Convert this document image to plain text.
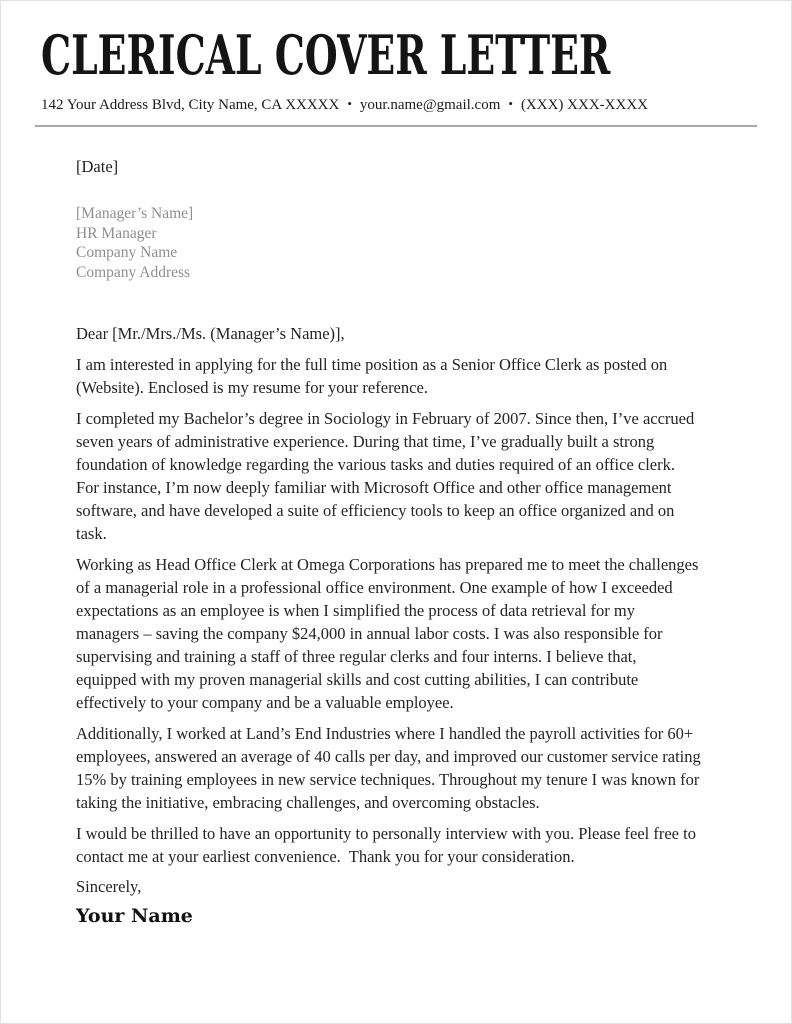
CLERICAL COVER LETTER
142 Your Address Blvd, City Name, CA XXXXX • your.name@gmail.com • (XXX) XXX-XXXX
[Date]
[Manager’s Name]
HR Manager
Company Name
Company Address
Dear [Mr./Mrs./Ms. (Manager’s Name)],

I am interested in applying for the full time position as a Senior Office Clerk as posted on (Website). Enclosed is my resume for your reference.

I completed my Bachelor’s degree in Sociology in February of 2007. Since then, I’ve accrued seven years of administrative experience. During that time, I’ve gradually built a strong foundation of knowledge regarding the various tasks and duties required of an office clerk. For instance, I’m now deeply familiar with Microsoft Office and other office management software, and have developed a suite of efficiency tools to keep an office organized and on task.

Working as Head Office Clerk at Omega Corporations has prepared me to meet the challenges of a managerial role in a professional office environment. One example of how I exceeded expectations as an employee is when I simplified the process of data retrieval for my managers – saving the company $24,000 in annual labor costs. I was also responsible for supervising and training a staff of three regular clerks and four interns. I believe that, equipped with my proven managerial skills and cost cutting abilities, I can contribute effectively to your company and be a valuable employee.

Additionally, I worked at Land’s End Industries where I handled the payroll activities for 60+ employees, answered an average of 40 calls per day, and improved our customer service rating 15% by training employees in new service techniques. Throughout my tenure I was known for taking the initiative, embracing challenges, and overcoming obstacles.

I would be thrilled to have an opportunity to personally interview with you. Please feel free to contact me at your earliest convenience.  Thank you for your consideration.

Sincerely,
Your Name
